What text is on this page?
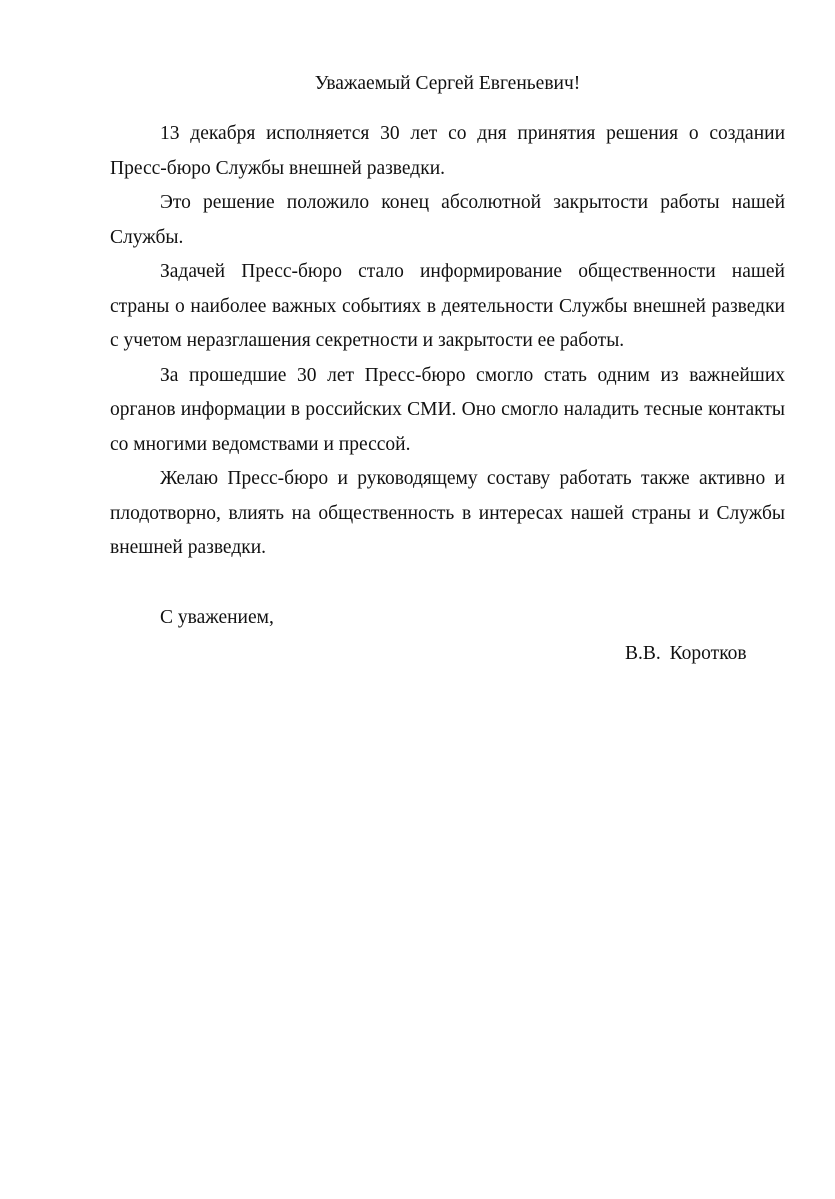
Уважаемый Сергей Евгеньевич!

13 декабря исполняется 30 лет со дня принятия решения о создании Пресс-бюро Службы внешней разведки.

Это решение положило конец абсолютной закрытости работы нашей Службы.

Задачей Пресс-бюро стало информирование общественности нашей страны о наиболее важных событиях в деятельности Службы внешней разведки с учетом неразглашения секретности и закрытости ее работы.

За прошедшие 30 лет Пресс-бюро смогло стать одним из важнейших органов информации в российских СМИ. Оно смогло наладить тесные контакты со многими ведомствами и прессой.

Желаю Пресс-бюро и руководящему составу работать также активно и плодотворно, влиять на общественность в интересах нашей страны и Службы внешней разведки.

С уважением,
В.В. Коротков
